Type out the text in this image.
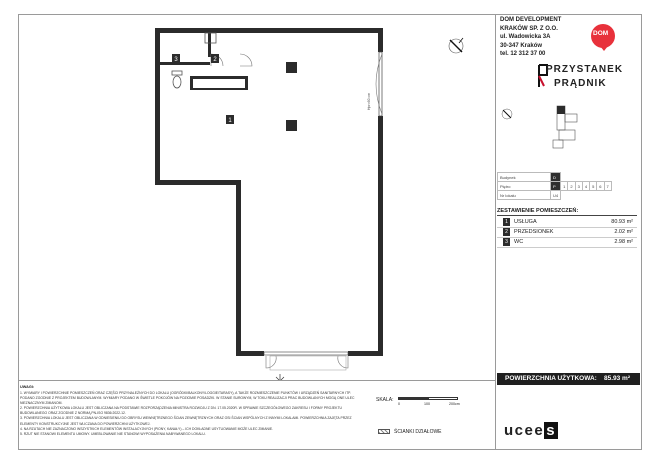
Hpr=60 cm
1
2
3
DOM DEVELOPMENT
KRAKÓW SP. Z O.O.
ul. Wadowicka 3A
30-347 Kraków
tel. 12 312 37 00
DOM
PRZYSTANEK
PRĄDNIK
Budynek	D							
Piętro	P	1	2	3	4	5	6	7
Nr lokalu	U4							
ZESTAWIENIE POMIESZCZEŃ:
1	USŁUGA	80.93 m²
2	PRZEDSIONEK	2.02 m²
3	WC	2.98 m²
POWIERZCHNIA UŻYTKOWA: 85.93 m²
SKALA:
0	100	200cm
ŚCIANKI DZIAŁOWE
UWAGI:
1. WYMIARY I POWIERZCHNIE POMIESZCZEŃ ORAZ CZĘŚCI PRZYNALEŻNYCH DO LOKALU (OGRÓDKI/BALKONY/LOGGIE/TARASY), A TAKŻE ROZMIESZCZENIE PUNKTÓW I URZĄDZEŃ SANITARNYCH ITP. PODANO ZGODNIE Z PROJEKTEM BUDOWLANYM. WYMIARY PODANO W ŚWIETLE POKOJÓW NA POZIOMIE POSADZKI. W STANIE SUROWYM, W TOKU REALIZACJI PRAC BUDOWLANYCH MOGĄ ONE ULEC NIEZNACZNYM ZMIANOM.
2. POWIERZCHNIA UŻYTKOWA LOKALU JEST OBLICZANA NA PODSTAWIE ROZPORZĄDZENIA MINISTRA ROZWOJU Z DN. 17.05.2020R. W SPRAWIE SZCZEGÓŁOWEGO ZAKRESU I FORMY PROJEKTU BUDOWLANEGO ORAZ ZGODNIE Z NORMĄ PN-ISO 9836:2022-12.
3. POWIERZCHNIA LOKALU JEST OBLICZANA W ODNIESIENIU DO OBRYSU WEWNĘTRZNEGO ŚCIAN ZEWNĘTRZNYCH ORAZ OSI ŚCIAN WSPÓLNYCH Z INNYMI LOKALAMI. POWIERZCHNIA ZAJĘTA PRZEZ ELEMENTY KONSTRUKCYJNE JEST WLICZANA DO POWIERZCHNI UŻYTKOWEJ.
4. NA RZUTACH NIE ZAZNACZONO WSZYSTKICH ELEMENTÓW INSTALACYJNYCH (PIONY, KANAŁY) – ICH DOKŁADNE USYTUOWANIE MOŻE ULEC ZMIANIE.
5. RZUT NIE STANOWI ELEMENTU UMOWY. UMEBLOWANIE NIE STANOWI WYPOSAŻENIA NABYWANEGO LOKALU.	ucee s
